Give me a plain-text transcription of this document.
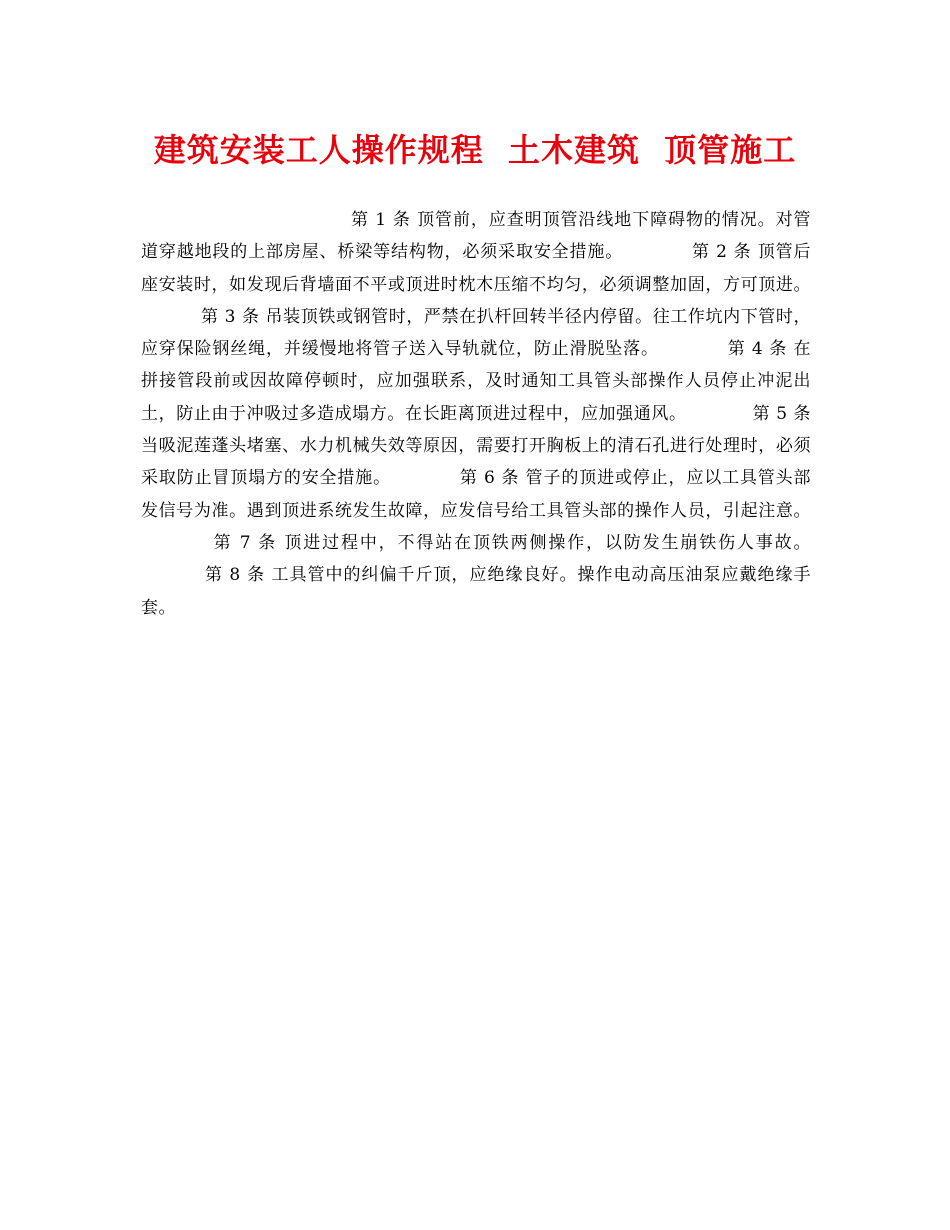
建筑安装工人操作规程  土木建筑  顶管施工
第 1 条 顶管前，应查明顶管沿线地下障碍物的情况。对管道穿越地段的上部房屋、桥梁等结构物，必须采取安全措施。	第 2 条 顶管后座安装时，如发现后背墙面不平或顶进时枕木压缩不均匀，必须调整加固，方可顶进。 第 3 条 吊装顶铁或钢管时，严禁在扒杆回转半径内停留。往工作坑内下管时，应穿保险钢丝绳，并缓慢地将管子送入导轨就位，防止滑脱坠落。	第 4 条 在拼接管段前或因故障停顿时，应加强联系，及时通知工具管头部操作人员停止冲泥出土，防止由于冲吸过多造成塌方。在长距离顶进过程中，应加强通风。	第 5 条 当吸泥莲蓬头堵塞、水力机械失效等原因，需要打开胸板上的清石孔进行处理时，必须采取防止冒顶塌方的安全措施。	第 6 条 管子的顶进或停止，应以工具管头部发信号为准。遇到顶进系统发生故障，应发信号给工具管头部的操作人员，引起注意。 第 7 条 顶进过程中，不得站在顶铁两侧操作，以防发生崩铁伤人事故。 第 8 条 工具管中的纠偏千斤顶，应绝缘良好。操作电动高压油泵应戴绝缘手套。
